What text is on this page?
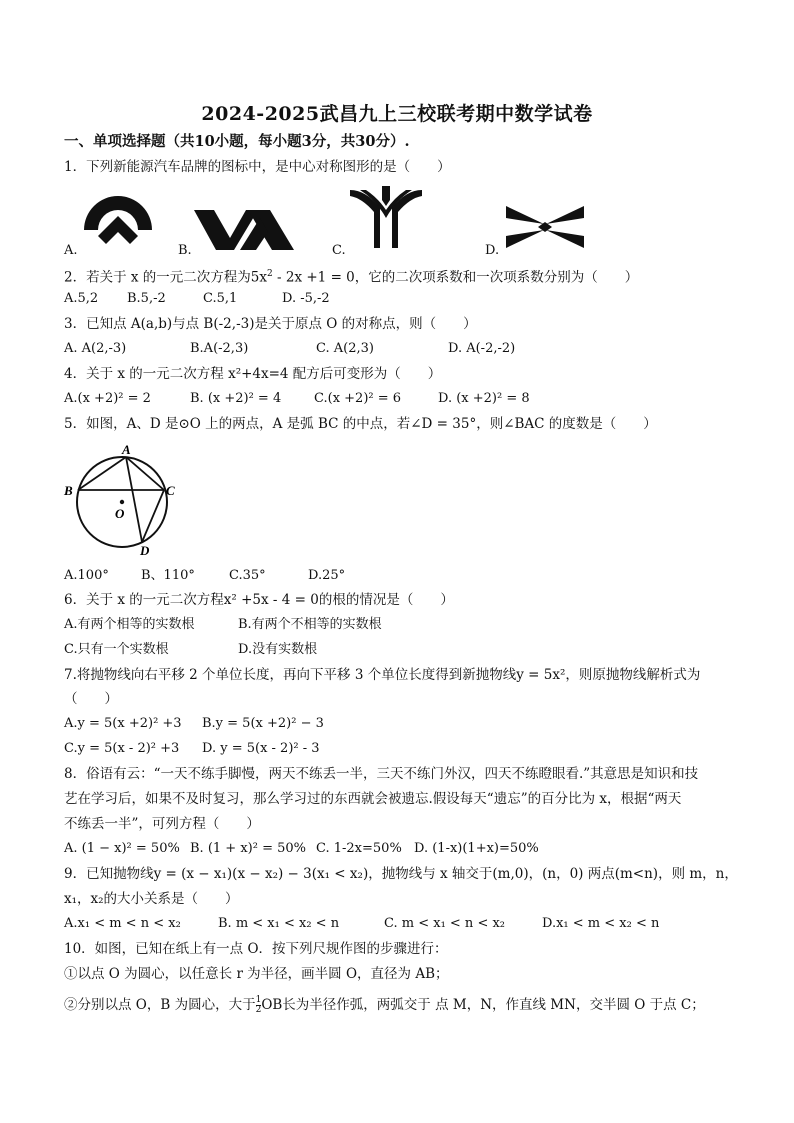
2024-2025武昌九上三校联考期中数学试卷
一、单项选择题（共10小题，每小题3分，共30分）.
1．下列新能源汽车品牌的图标中，是中心对称图形的是（　　）
A.	B.	C.	D.
2．若关于 x 的一元二次方程为$5x^2 - 2x +1 = 0$，它的二次项系数和一次项系数分别为（　　）
A.5,2 B.5,-2	C.5,1	D. -5,-2
3．已知点 A(a,b)与点 B(-2,-3)是关于原点 O 的对称点，则（　　）
A. A(2,-3)	B.A(-2,3)	C. A(2,3)	D. A(-2,-2)
4．关于 x 的一元二次方程 x²+4x=4 配方后可变形为（　　）
A.(x +2)² = 2	B. (x +2)² = 4	C.(x +2)² = 6	D. (x +2)² = 8
5．如图，A、D 是⊙O 上的两点，A 是弧 BC 的中点，若∠D = 35°，则∠BAC 的度数是（　　）
A
B	C
O
D
A.100° B、110°	C.35°	D.25°
6．关于 x 的一元二次方程x² +5x - 4 = 0的根的情况是（　　）
A.有两个相等的实数根	B.有两个不相等的实数根
C.只有一个实数根	D.没有实数根
7.将抛物线向右平移 2 个单位长度，再向下平移 3 个单位长度得到新抛物线y = 5x²，则原抛物线解析式为
（　　）
A.y = 5(x +2)² +3 B.y = 5(x +2)² − 3
C.y = 5(x - 2)² +3 D. y = 5(x - 2)² - 3
8．俗语有云：“一天不练手脚慢，两天不练丢一半，三天不练门外汉，四天不练瞪眼看.”其意思是知识和技
艺在学习后，如果不及时复习，那么学习过的东西就会被遗忘.假设每天“遗忘”的百分比为 x，根据“两天
不练丢一半”，可列方程（　　）
A. (1 − x)² = 50% B. (1 + x)² = 50% C. 1-2x=50% D. (1-x)(1+x)=50%
9．已知抛物线y = (x − x₁)(x − x₂) − 3(x₁ < x₂)，抛物线与 x 轴交于(m,0)，(n，0) 两点(m<n)，则 m，n，
x₁，x₂的大小关系是（　　）
A.x₁ < m < n < x₂	B. m < x₁ < x₂ < n	C. m < x₁ < n < x₂	D.x₁ < m < x₂ < n
10．如图，已知在纸上有一点 O．按下列尺规作图的步骤进行：
①以点 O 为圆心，以任意长 r 为半径，画半圆 O，直径为 AB；
②分别以点 O，B 为圆心，大于 $\frac{1}{2}$ OB长为半径作弧，两弧交于 点 M，N，作直线 MN，交半圆 O 于点 C；
